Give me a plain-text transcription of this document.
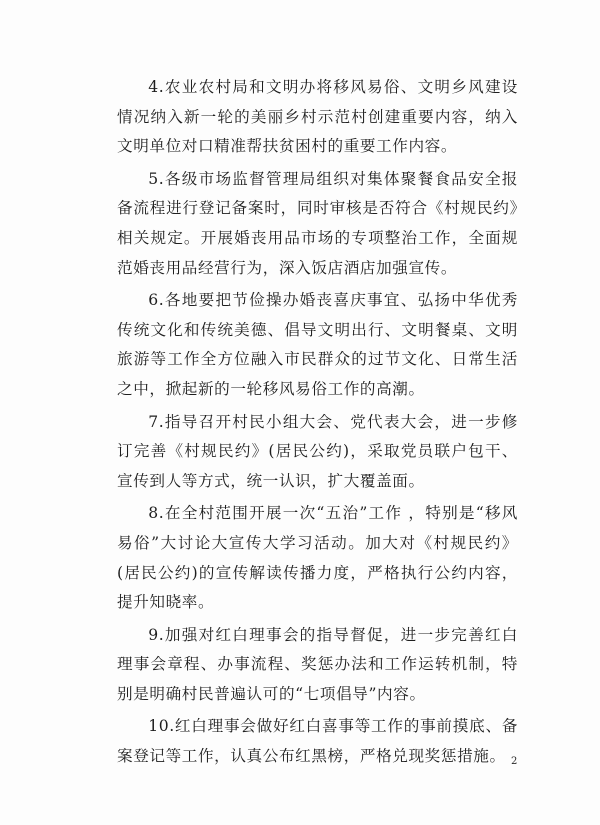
4.农业农村局和文明办将移风易俗、文明乡风建设情况纳入新一轮的美丽乡村示范村创建重要内容，纳入文明单位对口精准帮扶贫困村的重要工作内容。

5.各级市场监督管理局组织对集体聚餐食品安全报备流程进行登记备案时，同时审核是否符合《村规民约》相关规定。开展婚丧用品市场的专项整治工作，全面规范婚丧用品经营行为，深入饭店酒店加强宣传。

6.各地要把节俭操办婚丧喜庆事宜、弘扬中华优秀传统文化和传统美德、倡导文明出行、文明餐桌、文明旅游等工作全方位融入市民群众的过节文化、日常生活之中，掀起新的一轮移风易俗工作的高潮。

7.指导召开村民小组大会、党代表大会，进一步修订完善《村规民约》(居民公约)，采取党员联户包干、宣传到人等方式，统一认识，扩大覆盖面。

8.在全村范围开展一次“五治”工作 ，特别是“移风易俗”大讨论大宣传大学习活动。加大对《村规民约》(居民公约)的宣传解读传播力度，严格执行公约内容，提升知晓率。

9.加强对红白理事会的指导督促，进一步完善红白理事会章程、办事流程、奖惩办法和工作运转机制，特别是明确村民普遍认可的“七项倡导”内容。

10.红白理事会做好红白喜事等工作的事前摸底、备案登记等工作，认真公布红黑榜，严格兑现奖惩措施。 2
